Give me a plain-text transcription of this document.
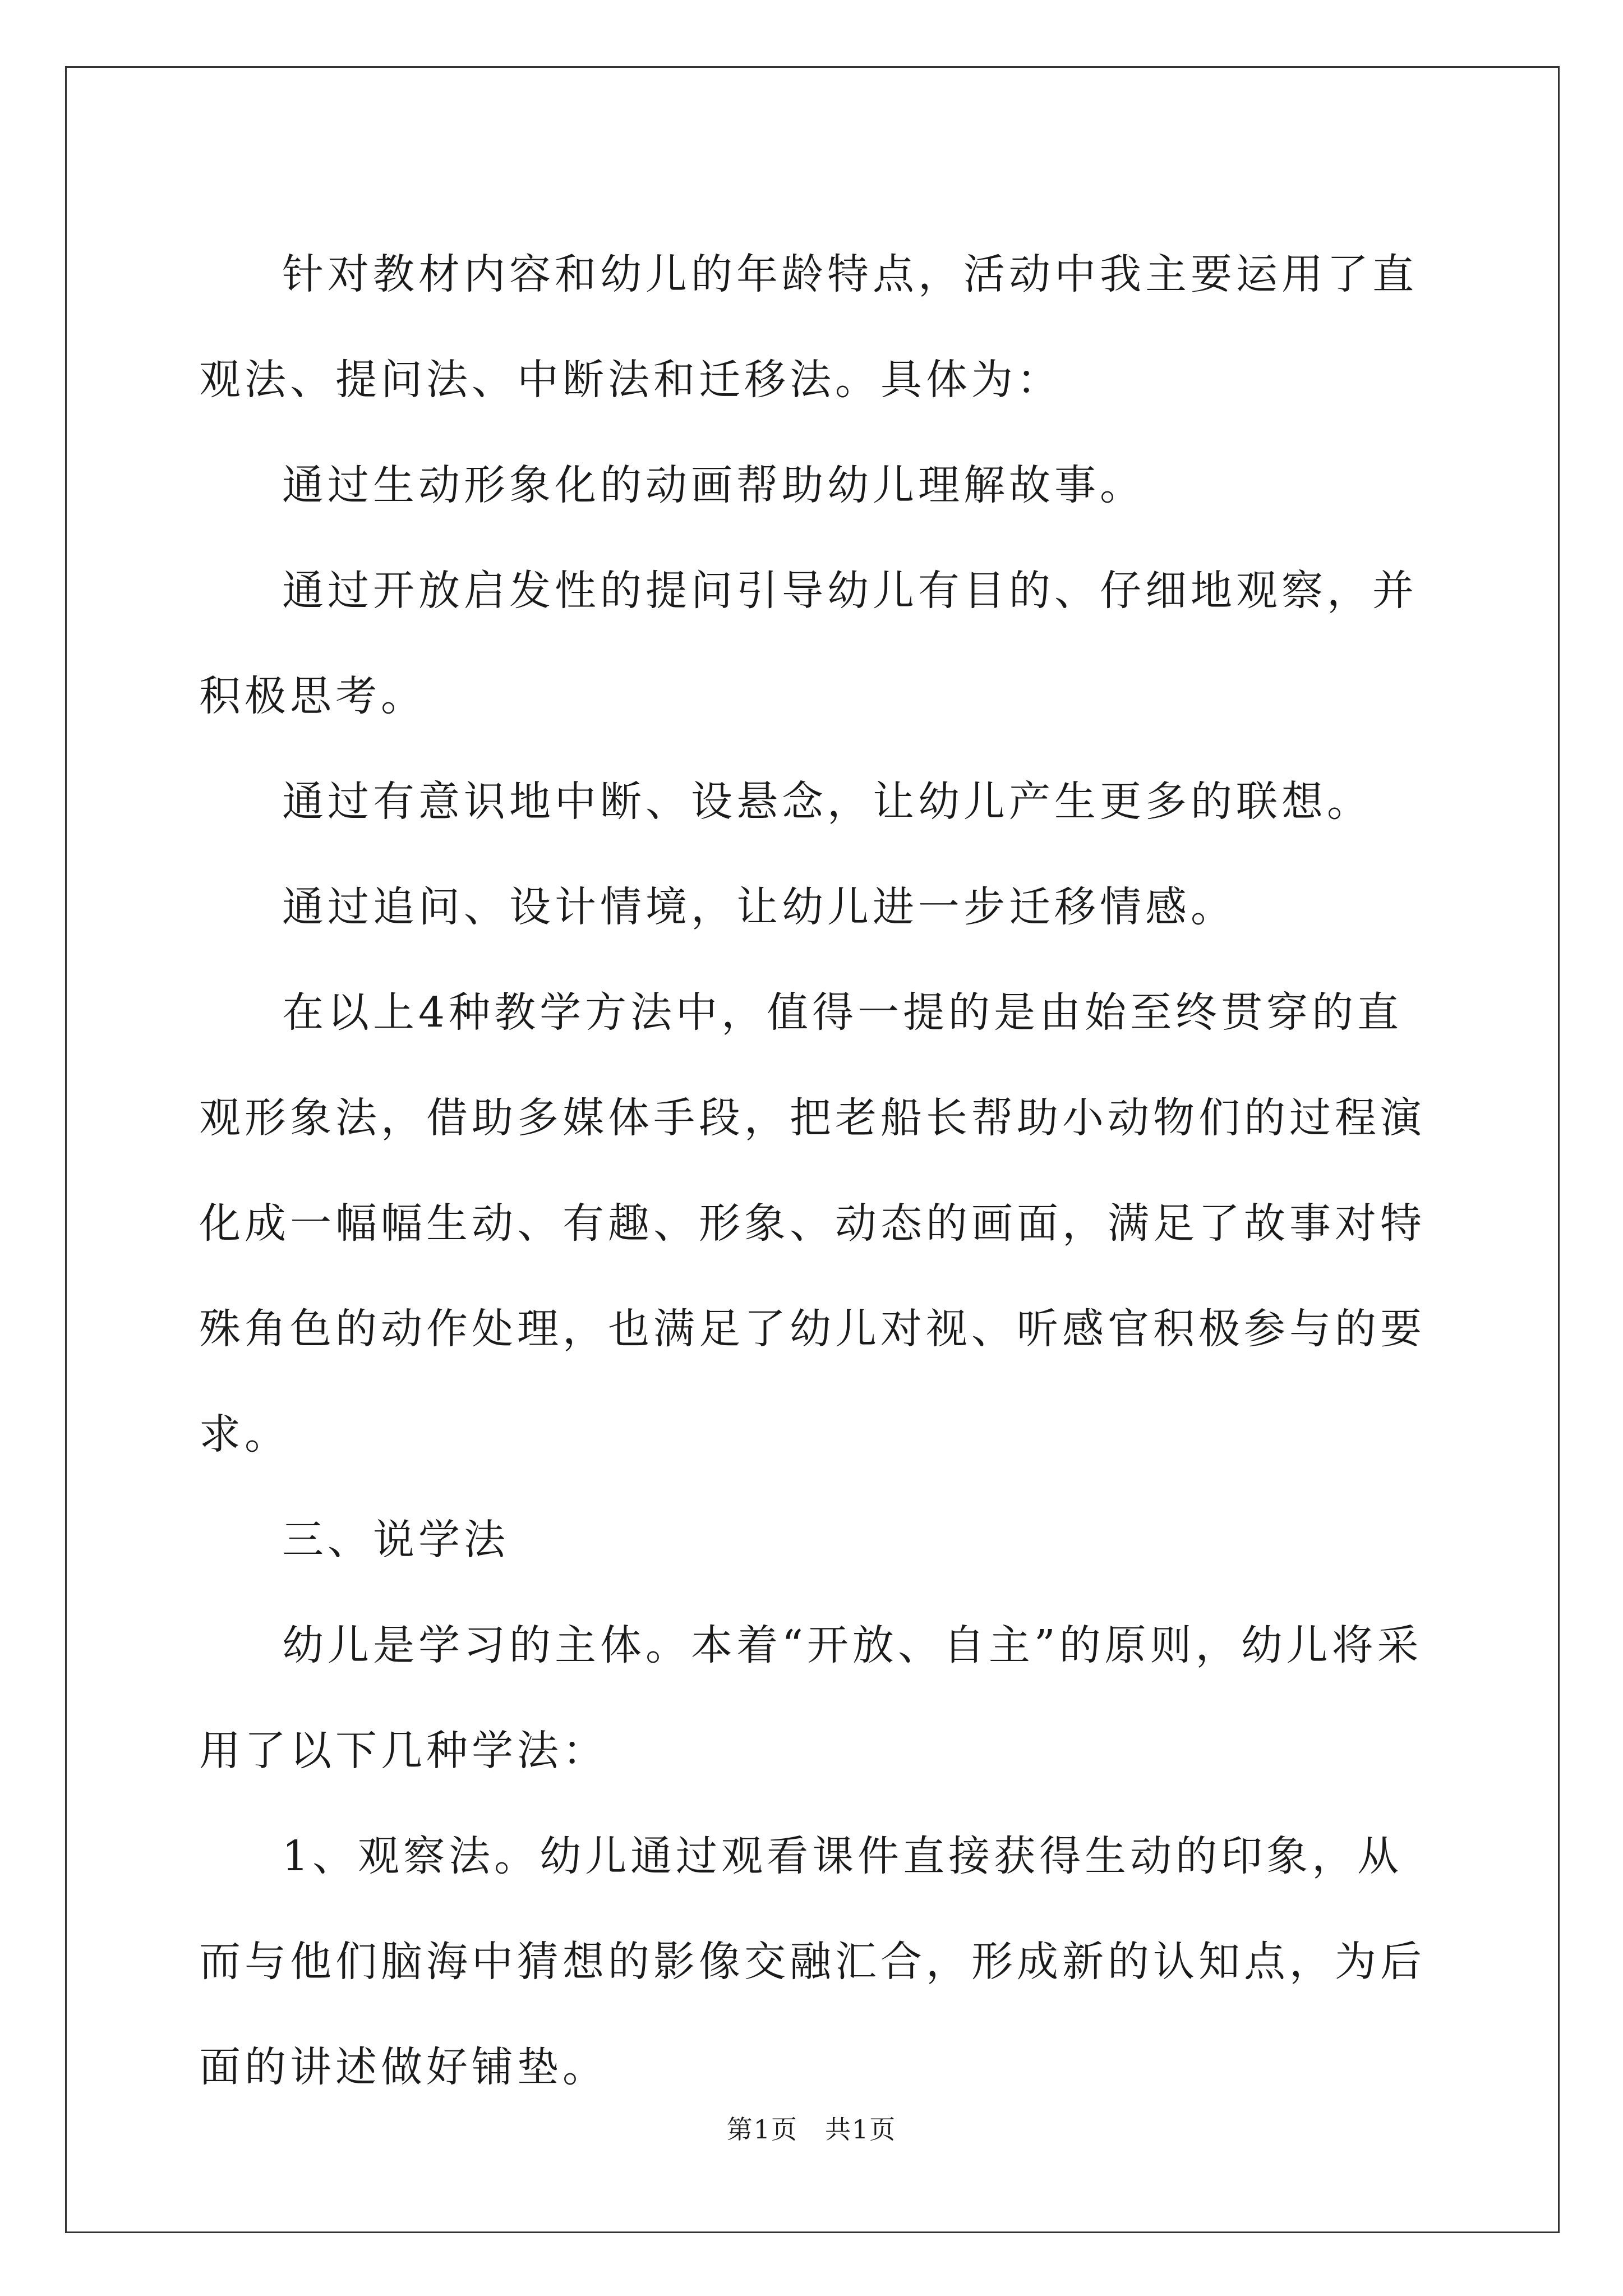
针对教材内容和幼儿的年龄特点，活动中我主要运用了直观法、提问法、中断法和迁移法。具体为：

通过生动形象化的动画帮助幼儿理解故事。

通过开放启发性的提问引导幼儿有目的、仔细地观察，并积极思考。

通过有意识地中断、设悬念，让幼儿产生更多的联想。

通过追问、设计情境，让幼儿进一步迁移情感。

在以上4种教学方法中，值得一提的是由始至终贯穿的直观形象法，借助多媒体手段，把老船长帮助小动物们的过程演化成一幅幅生动、有趣、形象、动态的画面，满足了故事对特殊角色的动作处理，也满足了幼儿对视、听感官积极参与的要求。

三、说学法

幼儿是学习的主体。本着“开放、自主”的原则，幼儿将采用了以下几种学法：

1、观察法。幼儿通过观看课件直接获得生动的印象，从而与他们脑海中猜想的影像交融汇合，形成新的认知点，为后面的讲述做好铺垫。

第1页　共1页
